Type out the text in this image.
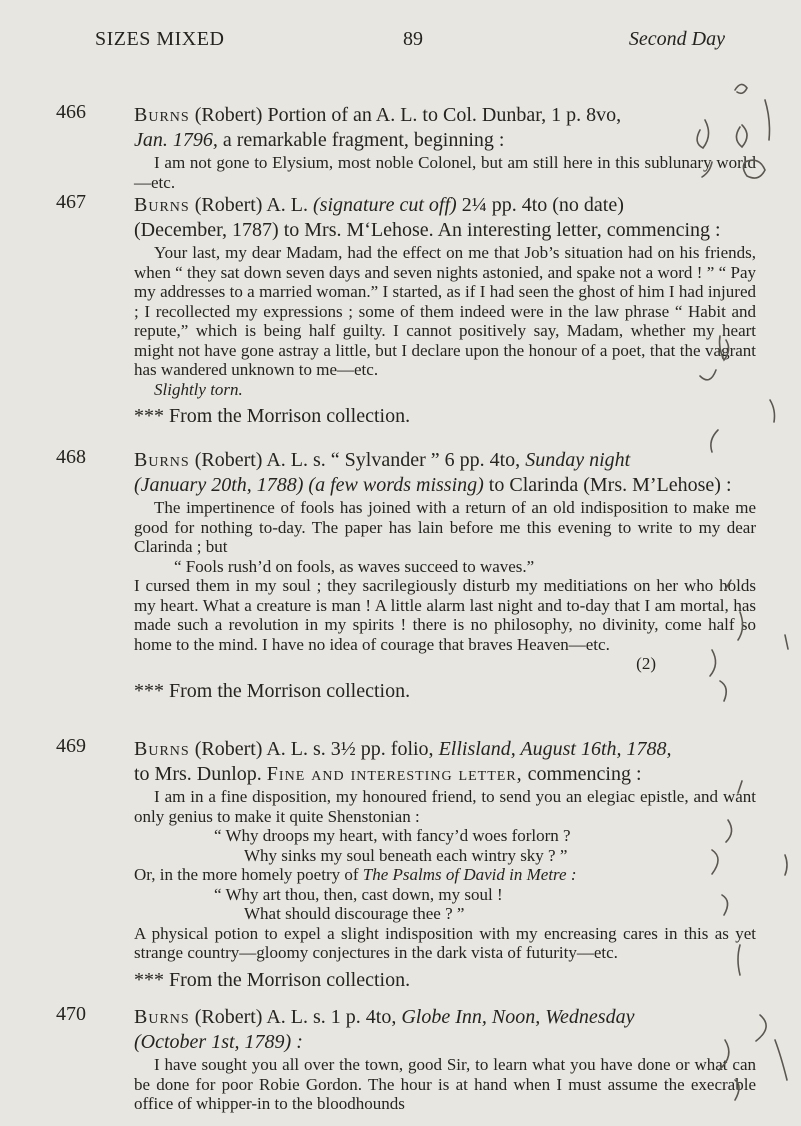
SIZES MIXED	89	Second Day
466 Burns (Robert) Portion of an A. L. to Col. Dunbar, 1 p. 8vo,
Jan. 1796, a remarkable fragment, beginning :
I am not gone to Elysium, most noble Colonel, but am still here in this sublunary world—etc.
467 Burns (Robert) A. L. (signature cut off) 2¼ pp. 4to (no date)
(December, 1787) to Mrs. M‘Lehose. An interesting letter, commencing :
Your last, my dear Madam, had the effect on me that Job’s situation had on his friends, when “ they sat down seven days and seven nights astonied, and spake not a word ! ” “ Pay my addresses to a married woman.” I started, as if I had seen the ghost of him I had injured ; I recollected my expressions ; some of them indeed were in the law phrase “ Habit and repute,” which is being half guilty. I cannot positively say, Madam, whether my heart might not have gone astray a little, but I declare upon the honour of a poet, that the vagrant has wandered unknown to me—etc.
Slightly torn.
*** From the Morrison collection.
468 Burns (Robert) A. L. s. “ Sylvander ” 6 pp. 4to, Sunday night
(January 20th, 1788) (a few words missing) to Clarinda (Mrs. M’Lehose) :
The impertinence of fools has joined with a return of an old indisposition to make me good for nothing to-day. The paper has lain before me this evening to write to my dear Clarinda ; but
“ Fools rush’d on fools, as waves succeed to waves.”
I cursed them in my soul ; they sacrilegiously disturb my meditiations on her who holds my heart. What a creature is man ! A little alarm last night and to-day that I am mortal, has made such a revolution in my spirits ! there is no philosophy, no divinity, come half so home to the mind. I have no idea of courage that braves Heaven—etc.
(2)
*** From the Morrison collection.
469 Burns (Robert) A. L. s. 3½ pp. folio, Ellisland, August 16th, 1788,
to Mrs. Dunlop. Fine and interesting letter, commencing :
I am in a fine disposition, my honoured friend, to send you an elegiac epistle, and want only genius to make it quite Shenstonian :
“ Why droops my heart, with fancy’d woes forlorn ?
Why sinks my soul beneath each wintry sky ? ”
Or, in the more homely poetry of The Psalms of David in Metre :
“ Why art thou, then, cast down, my soul !
What should discourage thee ? ”
A physical potion to expel a slight indisposition with my encreasing cares in this as yet strange country—gloomy conjectures in the dark vista of futurity—etc.
*** From the Morrison collection.
470 Burns (Robert) A. L. s. 1 p. 4to, Globe Inn, Noon, Wednesday
(October 1st, 1789) :
I have sought you all over the town, good Sir, to learn what you have done or what can be done for poor Robie Gordon. The hour is at hand when I must assume the execrable office of whipper-in to the bloodhounds
